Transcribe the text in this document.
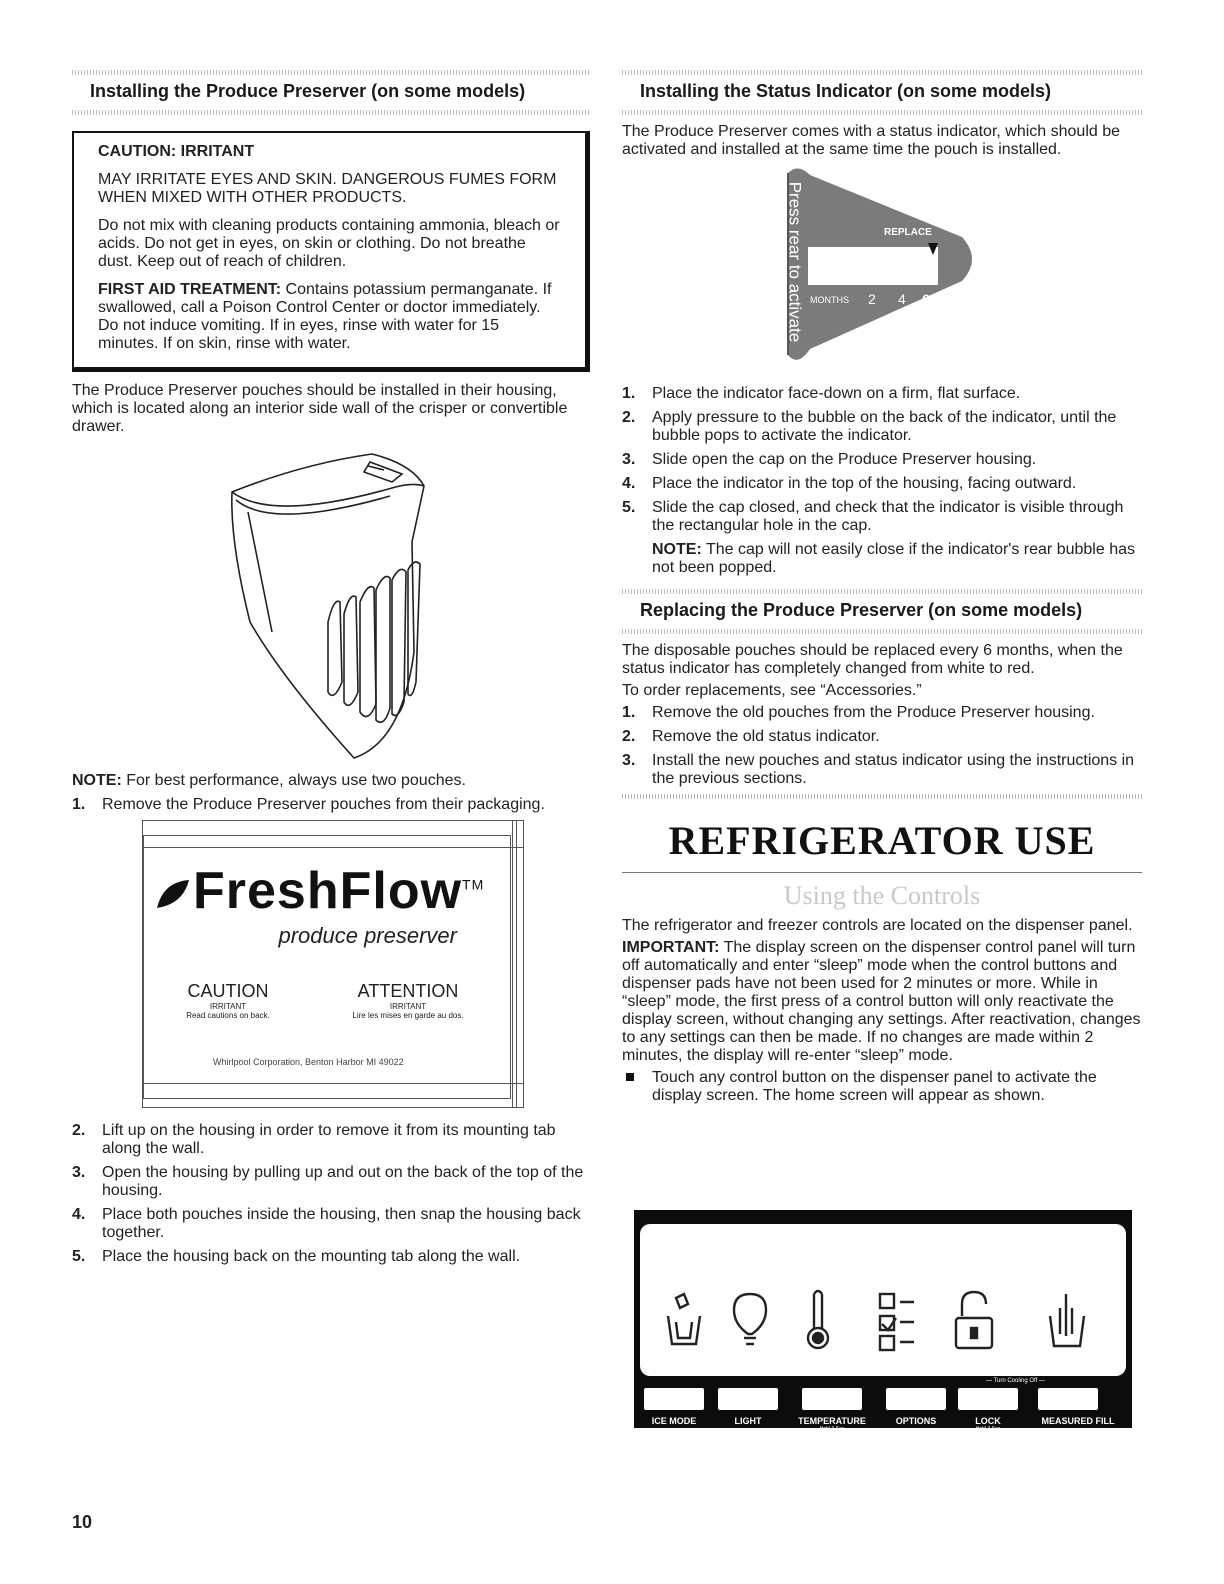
Installing the Produce Preserver (on some models)
CAUTION: IRRITANT

MAY IRRITATE EYES AND SKIN. DANGEROUS FUMES FORM WHEN MIXED WITH OTHER PRODUCTS.

Do not mix with cleaning products containing ammonia, bleach or acids. Do not get in eyes, on skin or clothing. Do not breathe dust. Keep out of reach of children.

FIRST AID TREATMENT: Contains potassium permanganate. If swallowed, call a Poison Control Center or doctor immediately. Do not induce vomiting. If in eyes, rinse with water for 15 minutes. If on skin, rinse with water.

The Produce Preserver pouches should be installed in their housing, which is located along an interior side wall of the crisper or convertible drawer.

NOTE: For best performance, always use two pouches.

1. Remove the Produce Preserver pouches from their packaging.
FreshFlow™
produce preserver
CAUTION
IRRITANT
Read cautions on back.
ATTENTION
IRRITANT
Lire les mises en garde au dos.
Whirlpool Corporation, Benton Harbor MI 49022
2. Lift up on the housing in order to remove it from its mounting tab along the wall.
3. Open the housing by pulling up and out on the back of the top of the housing.
4. Place both pouches inside the housing, then snap the housing back together.
5. Place the housing back on the mounting tab along the wall.
Installing the Status Indicator (on some models)

The Produce Preserver comes with a status indicator, which should be activated and installed at the same time the pouch is installed.

Press rear to activate	REPLACE
MONTHS 2 4 6
1. Place the indicator face-down on a firm, flat surface.
2. Apply pressure to the bubble on the back of the indicator, until the bubble pops to activate the indicator.
3. Slide open the cap on the Produce Preserver housing.
4. Place the indicator in the top of the housing, facing outward.
5. Slide the cap closed, and check that the indicator is visible through the rectangular hole in the cap.

NOTE: The cap will not easily close if the indicator's rear bubble has not been popped.

Replacing the Produce Preserver (on some models)

The disposable pouches should be replaced every 6 months, when the status indicator has completely changed from white to red.

To order replacements, see “Accessories.”

1. Remove the old pouches from the Produce Preserver housing.
2. Remove the old status indicator.
3. Install the new pouches and status indicator using the instructions in the previous sections.
REFRIGERATOR USE
Using the Controls

The refrigerator and freezer controls are located on the dispenser panel.

IMPORTANT: The display screen on the dispenser control panel will turn off automatically and enter “sleep” mode when the control buttons and dispenser pads have not been used for 2 minutes or more. While in “sleep” mode, the first press of a control button will only reactivate the display screen, without changing any settings. After reactivation, changes to any settings can then be made. If no changes are made within 2 minutes, the display will re-enter “sleep” mode.

Touch any control button on the dispenser panel to activate the display screen. The home screen will appear as shown.
⎯⎯ Turn Cooling Off ⎯⎯
ICE MODE	LIGHT	TEMPERATURE
Hold 3 Sec
OPTIONS	LOCK
Hold 3 Sec
MEASURED FILL
10
